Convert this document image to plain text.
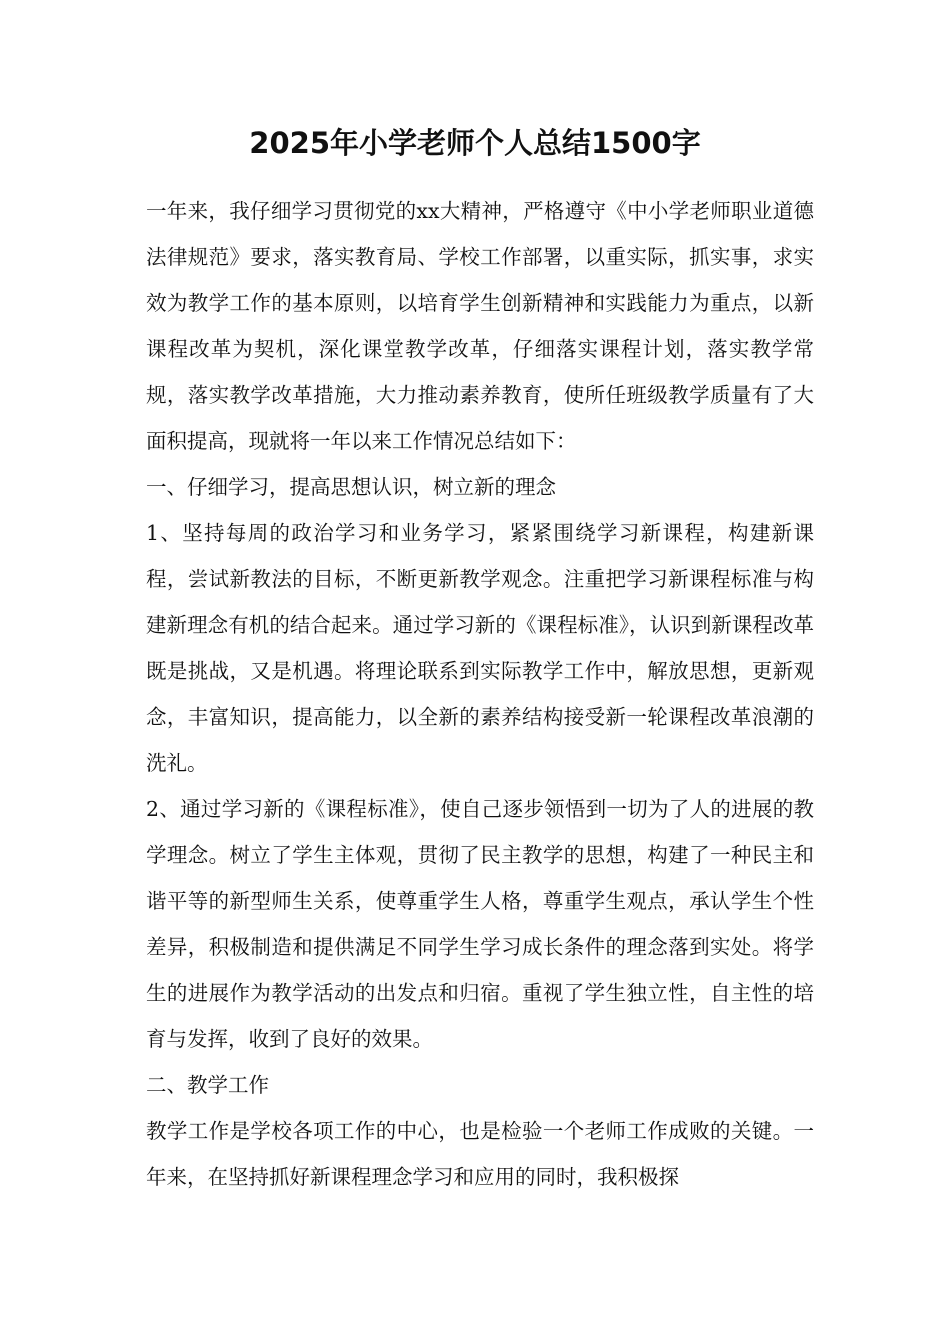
2025年小学老师个人总结1500字

一年来，我仔细学习贯彻党的xx大精神，严格遵守《中小学老师职业道德法律规范》要求，落实教育局、学校工作部署，以重实际，抓实事，求实效为教学工作的基本原则，以培育学生创新精神和实践能力为重点，以新课程改革为契机，深化课堂教学改革，仔细落实课程计划，落实教学常规，落实教学改革措施，大力推动素养教育，使所任班级教学质量有了大面积提高，现就将一年以来工作情况总结如下：

一、仔细学习，提高思想认识，树立新的理念

1、坚持每周的政治学习和业务学习，紧紧围绕学习新课程，构建新课程，尝试新教法的目标，不断更新教学观念。注重把学习新课程标准与构建新理念有机的结合起来。通过学习新的《课程标准》，认识到新课程改革既是挑战，又是机遇。将理论联系到实际教学工作中，解放思想，更新观念，丰富知识，提高能力，以全新的素养结构接受新一轮课程改革浪潮的洗礼。

2、通过学习新的《课程标准》，使自己逐步领悟到一切为了人的进展的教学理念。树立了学生主体观，贯彻了民主教学的思想，构建了一种民主和谐平等的新型师生关系，使尊重学生人格，尊重学生观点，承认学生个性差异，积极制造和提供满足不同学生学习成长条件的理念落到实处。将学生的进展作为教学活动的出发点和归宿。重视了学生独立性，自主性的培育与发挥，收到了良好的效果。

二、教学工作

教学工作是学校各项工作的中心，也是检验一个老师工作成败的关键。一年来，在坚持抓好新课程理念学习和应用的同时，我积极探
